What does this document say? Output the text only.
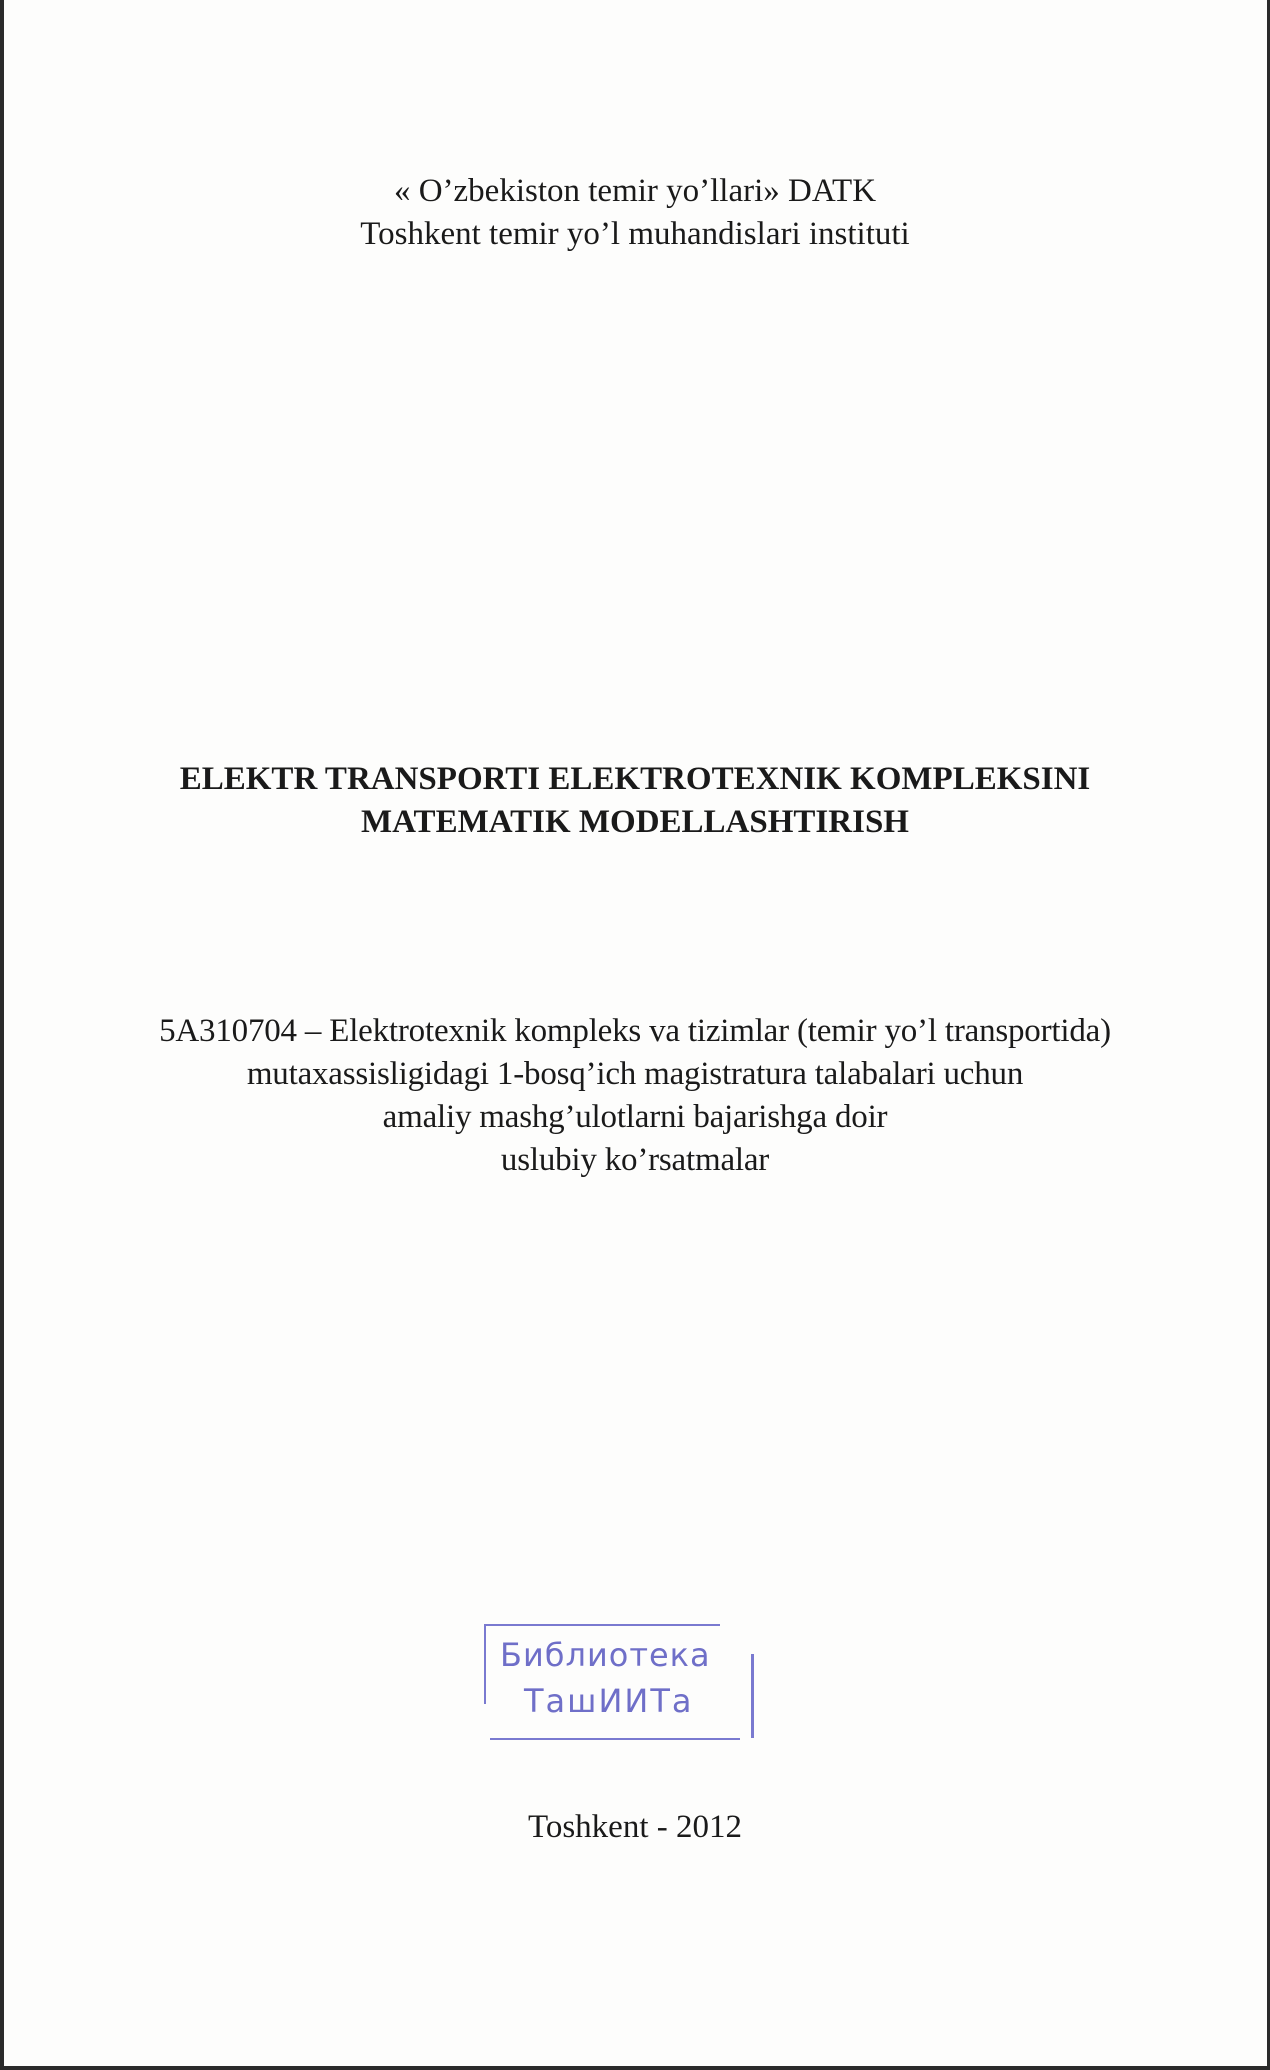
« O’zbekiston temir yo’llari» DATK
Toshkent temir yo’l muhandislari instituti
ELEKTR TRANSPORTI ELEKTROTEXNIK KOMPLEKSINI
MATEMATIK MODELLASHTIRISH
5A310704 – Elektrotexnik kompleks va tizimlar (temir yo’l transportida)
mutaxassisligidagi 1-bosq’ich magistratura talabalari uchun
amaliy mashg’ulotlarni bajarishga doir
uslubiy ko’rsatmalar
Библиотека
ТашИИТа
Toshkent - 2012
